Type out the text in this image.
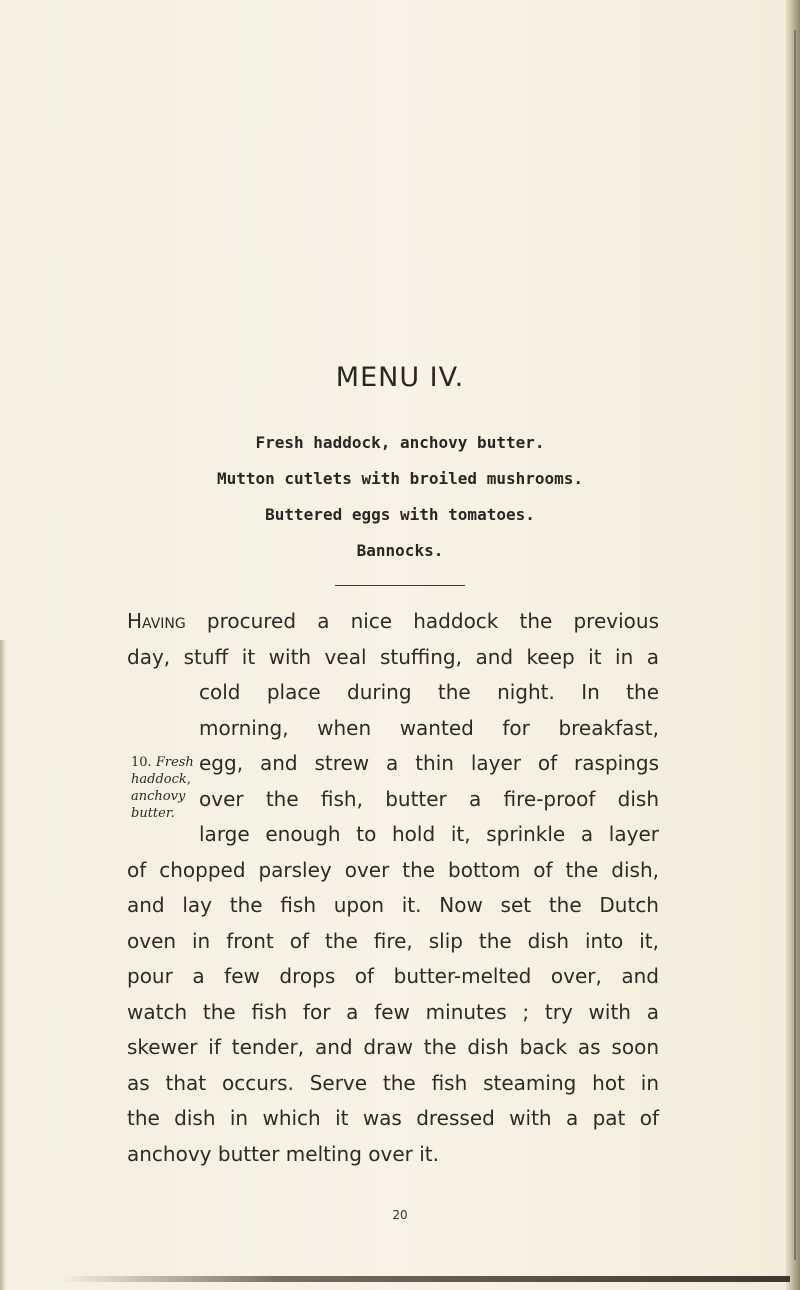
MENU IV.
Fresh haddock, anchovy butter.
Mutton cutlets with broiled mushrooms.
Buttered eggs with tomatoes.
Bannocks.
Having procured a nice haddock the previous
day, stuff it with veal stuffing, and keep it in a
cold place during the night. In the
morning, when wanted for breakfast,
egg, and strew a thin layer of raspings
over the fish, butter a fire-proof dish
large enough to hold it, sprinkle a layer
of chopped parsley over the bottom of the dish,
and lay the fish upon it. Now set the Dutch
oven in front of the fire, slip the dish into it,
pour a few drops of butter-melted over, and
watch the fish for a few minutes ; try with a
skewer if tender, and draw the dish back as soon
as that occurs. Serve the fish steaming hot in
the dish in which it was dressed with a pat of
anchovy butter melting over it.
10. Fresh
haddock,
anchovy
butter.
20
